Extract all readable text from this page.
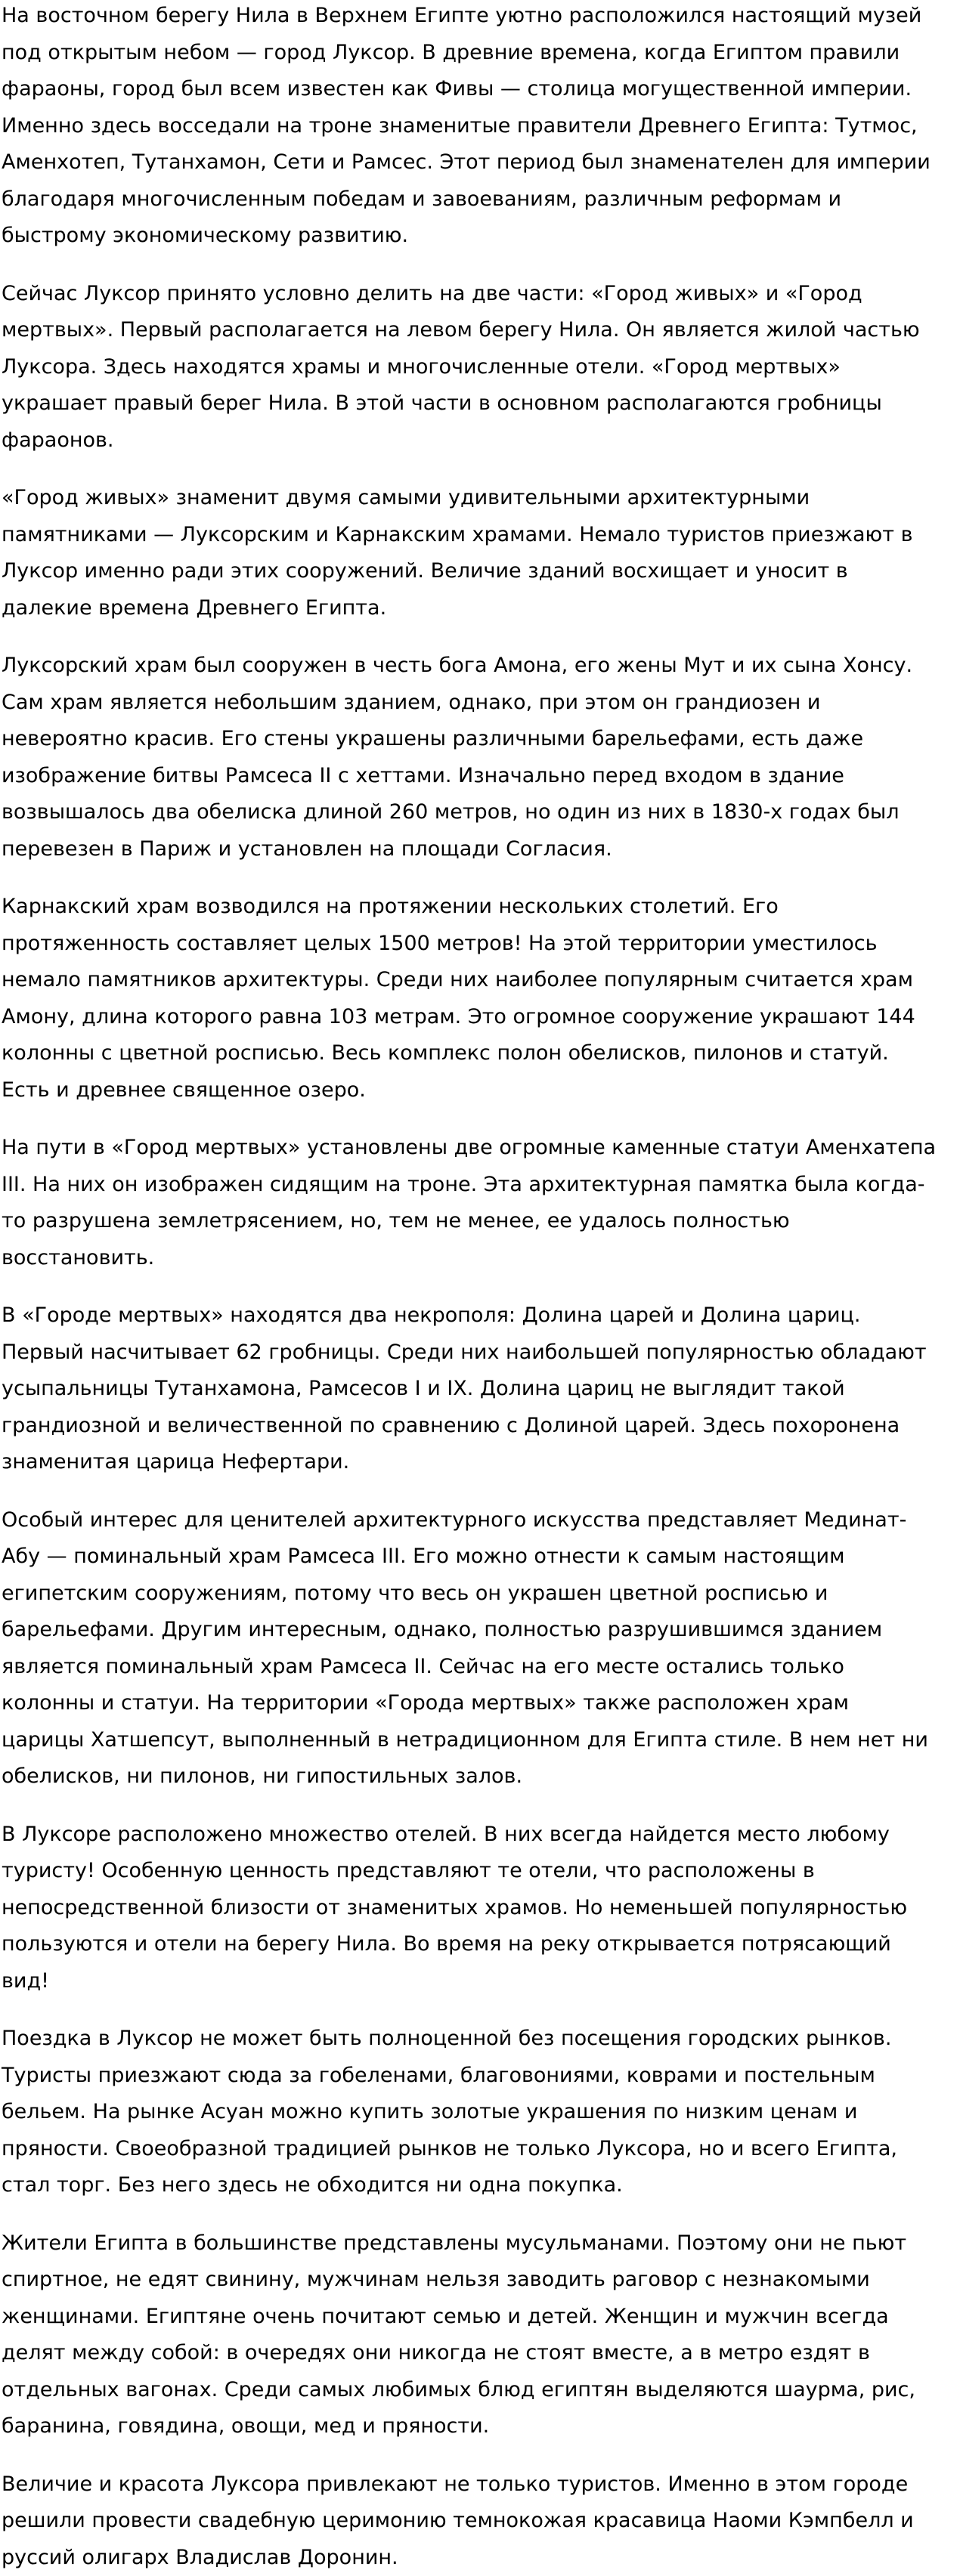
На восточном берегу Нила в Верхнем Египте уютно расположился настоящий музей под открытым небом — город Луксор. В древние времена, когда Египтом правили фараоны, город был всем известен как Фивы — столица могущественной империи. Именно здесь восседали на троне знаменитые правители Древнего Египта: Тутмос, Аменхотеп, Тутанхамон, Сети и Рамсес. Этот период был знаменателен для империи благодаря многочисленным победам и завоеваниям, различным реформам и быстрому экономическому развитию.

Сейчас Луксор принято условно делить на две части: «Город живых» и «Город мертвых». Первый располагается на левом берегу Нила. Он является жилой частью Луксора. Здесь находятся храмы и многочисленные отели. «Город мертвых» украшает правый берег Нила. В этой части в основном располагаются гробницы фараонов.

«Город живых» знаменит двумя самыми удивительными архитектурными памятниками — Луксорским и Карнакским храмами. Немало туристов приезжают в Луксор именно ради этих сооружений. Величие зданий восхищает и уносит в далекие времена Древнего Египта.

Луксорский храм был сооружен в честь бога Амона, его жены Мут и их сына Хонсу. Сам храм является небольшим зданием, однако, при этом он грандиозен и невероятно красив. Его стены украшены различными барельефами, есть даже изображение битвы Рамсеса II с хеттами. Изначально перед входом в здание возвышалось два обелиска длиной 260 метров, но один из них в 1830-х годах был перевезен в Париж и установлен на площади Согласия.

Карнакский храм возводился на протяжении нескольких столетий. Его протяженность составляет целых 1500 метров! На этой территории уместилось немало памятников архитектуры. Среди них наиболее популярным считается храм Амону, длина которого равна 103 метрам. Это огромное сооружение украшают 144 колонны с цветной росписью. Весь комплекс полон обелисков, пилонов и статуй. Есть и древнее священное озеро.

На пути в «Город мертвых» установлены две огромные каменные статуи Аменхатепа III. На них он изображен сидящим на троне. Эта архитектурная памятка была когда-то разрушена землетрясением, но, тем не менее, ее удалось полностью восстановить.

В «Городе мертвых» находятся два некрополя: Долина царей и Долина цариц. Первый насчитывает 62 гробницы. Среди них наибольшей популярностью обладают усыпальницы Тутанхамона, Рамсесов I и IX. Долина цариц не выглядит такой грандиозной и величественной по сравнению с Долиной царей. Здесь похоронена знаменитая царица Нефертари.

Особый интерес для ценителей архитектурного искусства представляет Мединат-Абу — поминальный храм Рамсеса III. Его можно отнести к самым настоящим египетским сооружениям, потому что весь он украшен цветной росписью и барельефами. Другим интересным, однако, полностью разрушившимся зданием является поминальный храм Рамсеса II. Сейчас на его месте остались только колонны и статуи. На территории «Города мертвых» также расположен храм царицы Хатшепсут, выполненный в нетрадиционном для Египта стиле. В нем нет ни обелисков, ни пилонов, ни гипостильных залов.

В Луксоре расположено множество отелей. В них всегда найдется место любому туристу! Особенную ценность представляют те отели, что расположены в непосредственной близости от знаменитых храмов. Но неменьшей популярностью пользуются и отели на берегу Нила. Во время на реку открывается потрясающий вид!

Поездка в Луксор не может быть полноценной без посещения городских рынков. Туристы приезжают сюда за гобеленами, благовониями, коврами и постельным бельем. На рынке Асуан можно купить золотые украшения по низким ценам и пряности. Своеобразной традицией рынков не только Луксора, но и всего Египта, стал торг. Без него здесь не обходится ни одна покупка.

Жители Египта в большинстве представлены мусульманами. Поэтому они не пьют спиртное, не едят свинину, мужчинам нельзя заводить раговор с незнакомыми женщинами. Египтяне очень почитают семью и детей. Женщин и мужчин всегда делят между собой: в очередях они никогда не стоят вместе, а в метро ездят в отдельных вагонах. Среди самых любимых блюд египтян выделяются шаурма, рис, баранина, говядина, овощи, мед и пряности.

Величие и красота Луксора привлекают не только туристов. Именно в этом городе решили провести свадебную церимонию темнокожая красавица Наоми Кэмпбелл и руссий олигарх Владислав Доронин.
